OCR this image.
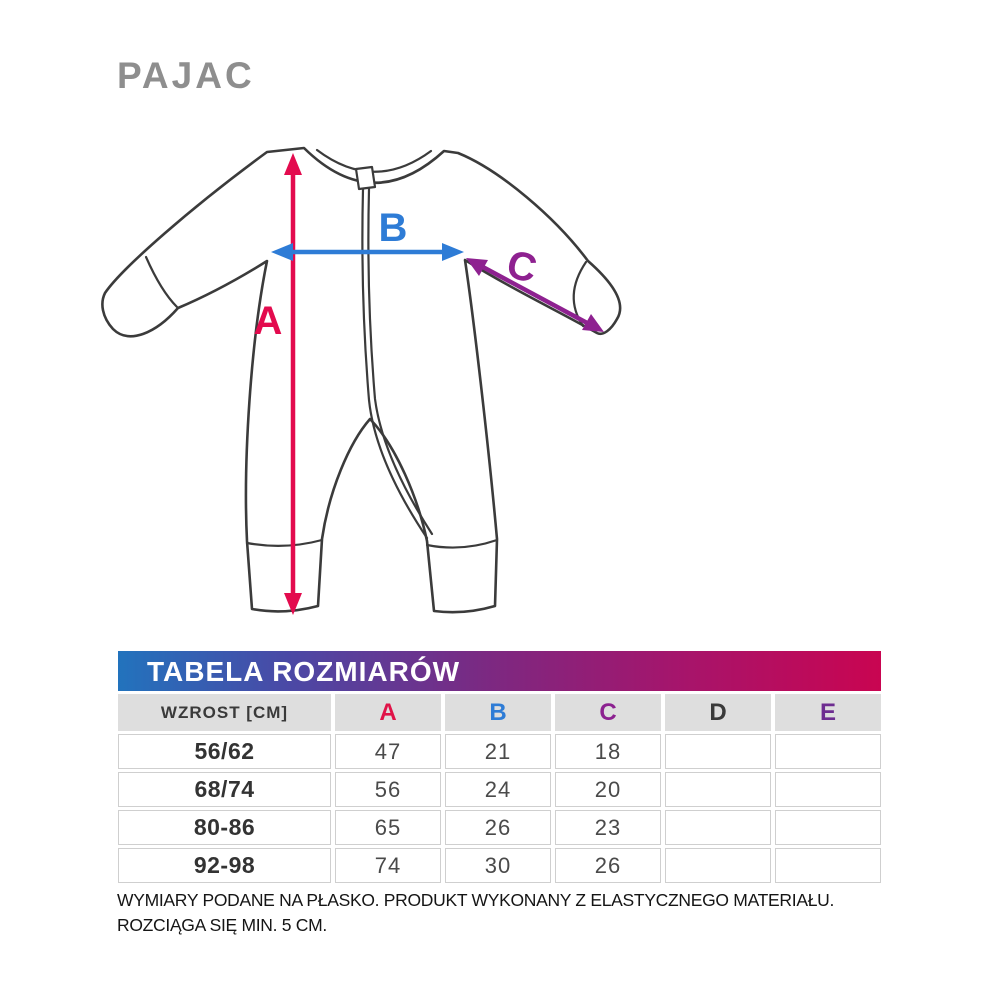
PAJAC
A
B
C
TABELA ROZMIARÓW
WZROST [CM]	A	B	C	D	E
56/62	47	21	18
68/74	56	24	20
80-86	65	26	23
92-98	74	30	26
WYMIARY PODANE NA PŁASKO. PRODUKT WYKONANY Z ELASTYCZNEGO MATERIAŁU.
ROZCIĄGA SIĘ MIN. 5 CM.
